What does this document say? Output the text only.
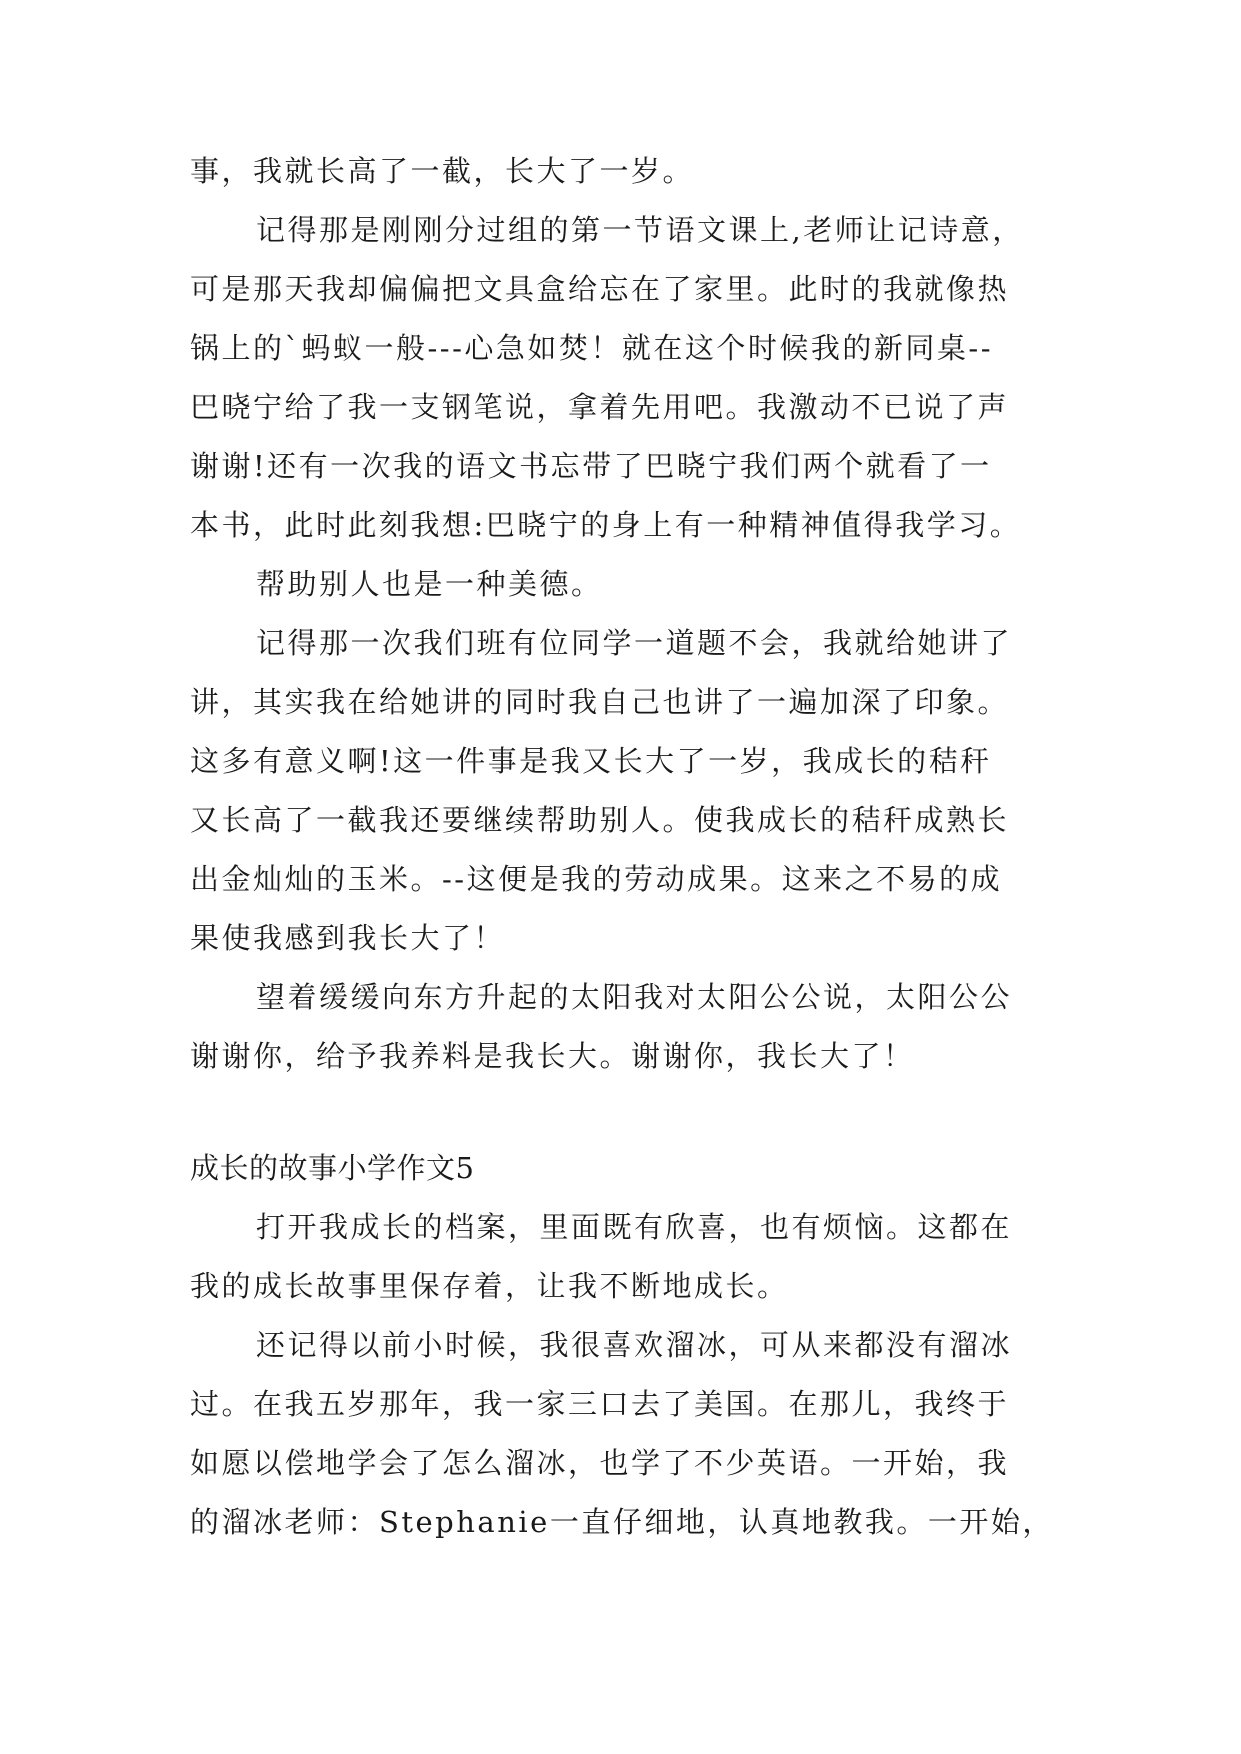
事，我就长高了一截，长大了一岁。
记得那是刚刚分过组的第一节语文课上,老师让记诗意，
可是那天我却偏偏把文具盒给忘在了家里。此时的我就像热
锅上的`蚂蚁一般---心急如焚！就在这个时候我的新同桌--
巴晓宁给了我一支钢笔说，拿着先用吧。我激动不已说了声
谢谢!还有一次我的语文书忘带了巴晓宁我们两个就看了一
本书，此时此刻我想:巴晓宁的身上有一种精神值得我学习。
帮助别人也是一种美德。
记得那一次我们班有位同学一道题不会，我就给她讲了
讲，其实我在给她讲的同时我自己也讲了一遍加深了印象。
这多有意义啊!这一件事是我又长大了一岁，我成长的秸秆
又长高了一截我还要继续帮助别人。使我成长的秸秆成熟长
出金灿灿的玉米。--这便是我的劳动成果。这来之不易的成
果使我感到我长大了！
望着缓缓向东方升起的太阳我对太阳公公说，太阳公公
谢谢你，给予我养料是我长大。谢谢你，我长大了！
成长的故事小学作文5
打开我成长的档案，里面既有欣喜，也有烦恼。这都在
我的成长故事里保存着，让我不断地成长。
还记得以前小时候，我很喜欢溜冰，可从来都没有溜冰
过。在我五岁那年，我一家三口去了美国。在那儿，我终于
如愿以偿地学会了怎么溜冰，也学了不少英语。一开始，我
的溜冰老师：Stephanie一直仔细地，认真地教我。一开始，
